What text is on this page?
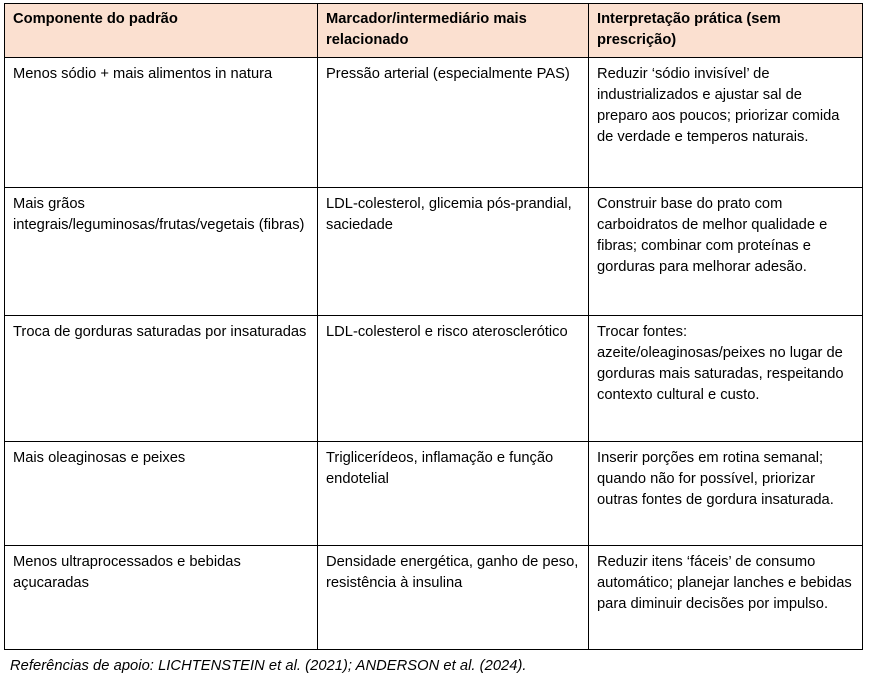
Componente do padrão	Marcador/intermediário mais relacionado	Interpretação prática (sem prescrição)
Menos sódio + mais alimentos in natura	Pressão arterial (especialmente PAS)	Reduzir ‘sódio invisível’ de industrializados e ajustar sal de preparo aos poucos; priorizar comida de verdade e temperos naturais.
Mais grãos integrais/leguminosas/frutas/vegetais (fibras)	LDL-colesterol, glicemia pós-prandial, saciedade	Construir base do prato com carboidratos de melhor qualidade e fibras; combinar com proteínas e gorduras para melhorar adesão.
Troca de gorduras saturadas por insaturadas	LDL-colesterol e risco aterosclerótico	Trocar fontes: azeite/oleaginosas/peixes no lugar de gorduras mais saturadas, respeitando contexto cultural e custo.
Mais oleaginosas e peixes	Triglicerídeos, inflamação e função endotelial	Inserir porções em rotina semanal; quando não for possível, priorizar outras fontes de gordura insaturada.
Menos ultraprocessados e bebidas açucaradas	Densidade energética, ganho de peso, resistência à insulina	Reduzir itens ‘fáceis’ de consumo automático; planejar lanches e bebidas para diminuir decisões por impulso.

Referências de apoio: LICHTENSTEIN et al. (2021); ANDERSON et al. (2024).
